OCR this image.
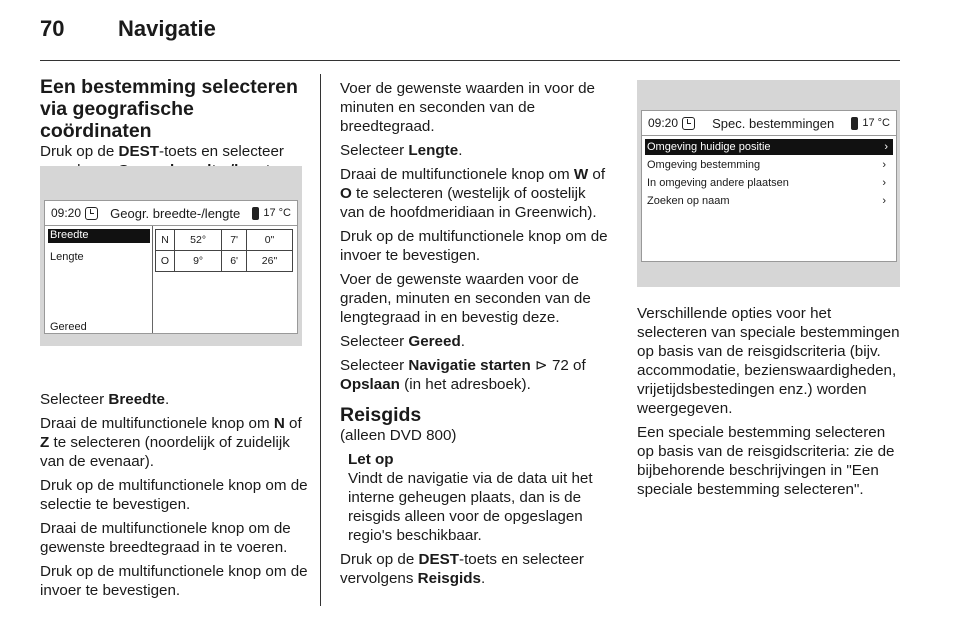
70 Navigatie
Een bestemming selecteren via geografische coördinaten

Druk op de DEST-toets en selecteer

09:20	Geogr. breedte-/lengte	17 °C
Breedte
Lengte
Gereed
N	52°	7'	0"
O	9°	6'	26"

Selecteer Breedte.

Draai de multifunctionele knop om N of Z te selecteren (noordelijk of zuidelijk van de evenaar).

Druk op de multifunctionele knop om de selectie te bevestigen.

Draai de multifunctionele knop om de gewenste breedtegraad in te voeren.

Druk op de multifunctionele knop om de invoer te bevestigen.

Voer de gewenste waarden in voor de minuten en seconden van de breedtegraad.

Selecteer Lengte.

Draai de multifunctionele knop om W of O te selecteren (westelijk of oostelijk van de hoofdmeridiaan in Greenwich).

Druk op de multifunctionele knop om de invoer te bevestigen.

Voer de gewenste waarden voor de graden, minuten en seconden van de lengtegraad in en bevestig deze.

Selecteer Gereed.

Selecteer Navigatie starten ⊳ 72 of Opslaan (in het adresboek).

Reisgids

(alleen DVD 800)

Let op

Vindt de navigatie via de data uit het interne geheugen plaats, dan is de reisgids alleen voor de opgeslagen regio's beschikbaar.

Druk op de DEST-toets en selecteer vervolgens Reisgids.

09:20	Spec. bestemmingen	17 °C
Omgeving huidige positie	›
Omgeving bestemming	›
In omgeving andere plaatsen	›
Zoeken op naam	›

Verschillende opties voor het selecteren van speciale bestemmingen op basis van de reisgidscriteria (bijv. accommodatie, bezienswaardigheden, vrijetijdsbestedingen enz.) worden weergegeven.

Een speciale bestemming selecteren op basis van de reisgidscriteria: zie de bijbehorende beschrijvingen in "Een speciale bestemming selecteren".
